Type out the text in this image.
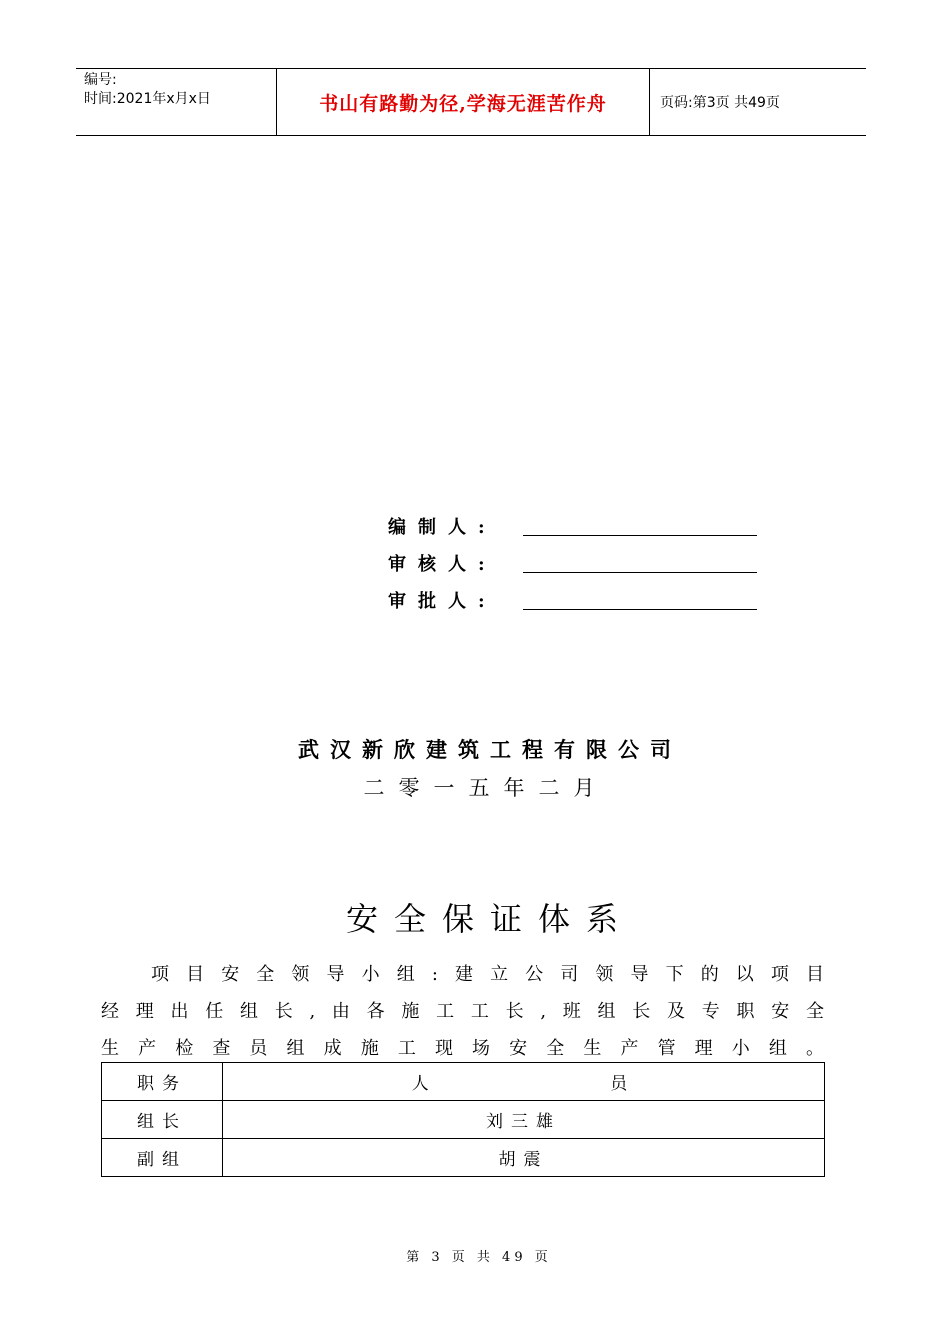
编号:
时间:2021年x月x日	书山有路勤为径,学海无涯苦作舟	页码:第3页 共49页
编制人:
审核人:
审批人:
武汉新欣建筑工程有限公司
二零一五年二月
安全保证体系
项目安全领导小组:建立公司领导下的以项目
经理出任组长,由各施工工长,班组长及专职安全
生产检查员组成施工现场安全生产管理小组。
职务	人 员
组长	刘三雄
副组	胡震
第 3 页 共 49 页
